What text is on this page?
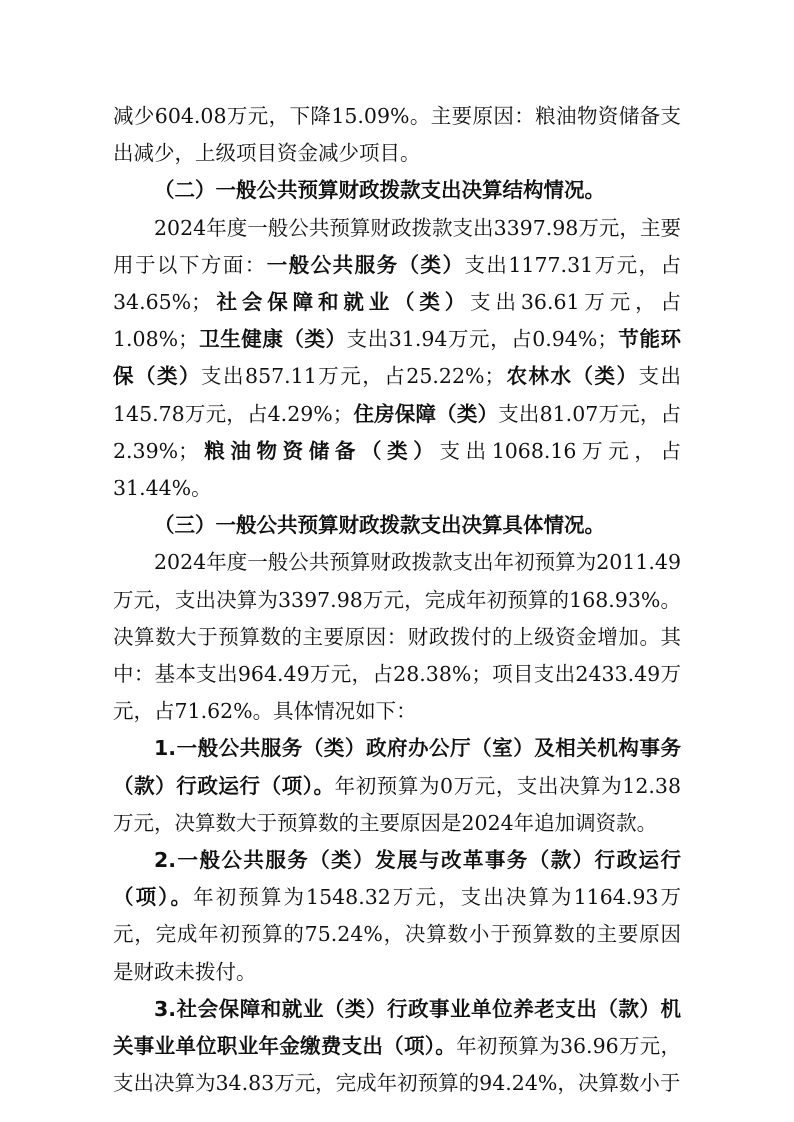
减少604.08万元，下降15.09%。主要原因：粮油物资储备支出减少，上级项目资金减少项目。

（二）一般公共预算财政拨款支出决算结构情况。

2024年度一般公共预算财政拨款支出3397.98万元，主要用于以下方面：一般公共服务（类）支出1177.31万元，占34.65%；社会保障和就业（类）支出36.61万元，占1.08%；卫生健康（类）支出31.94万元，占0.94%；节能环保（类）支出857.11万元，占25.22%；农林水（类）支出145.78万元，占4.29%；住房保障（类）支出81.07万元，占2.39%；粮油物资储备（类）支出1068.16万元，占31.44%。

（三）一般公共预算财政拨款支出决算具体情况。

2024年度一般公共预算财政拨款支出年初预算为2011.49万元，支出决算为3397.98万元，完成年初预算的168.93%。决算数大于预算数的主要原因：财政拨付的上级资金增加。其中：基本支出964.49万元，占28.38%；项目支出2433.49万元，占71.62%。具体情况如下：

1.一般公共服务（类）政府办公厅（室）及相关机构事务（款）行政运行（项）。年初预算为0万元，支出决算为12.38万元，决算数大于预算数的主要原因是2024年追加调资款。

2.一般公共服务（类）发展与改革事务（款）行政运行（项）。年初预算为1548.32万元，支出决算为1164.93万元，完成年初预算的75.24%，决算数小于预算数的主要原因是财政未拨付。

3.社会保障和就业（类）行政事业单位养老支出（款）机关事业单位职业年金缴费支出（项）。年初预算为36.96万元，支出决算为34.83万元，完成年初预算的94.24%，决算数小于
